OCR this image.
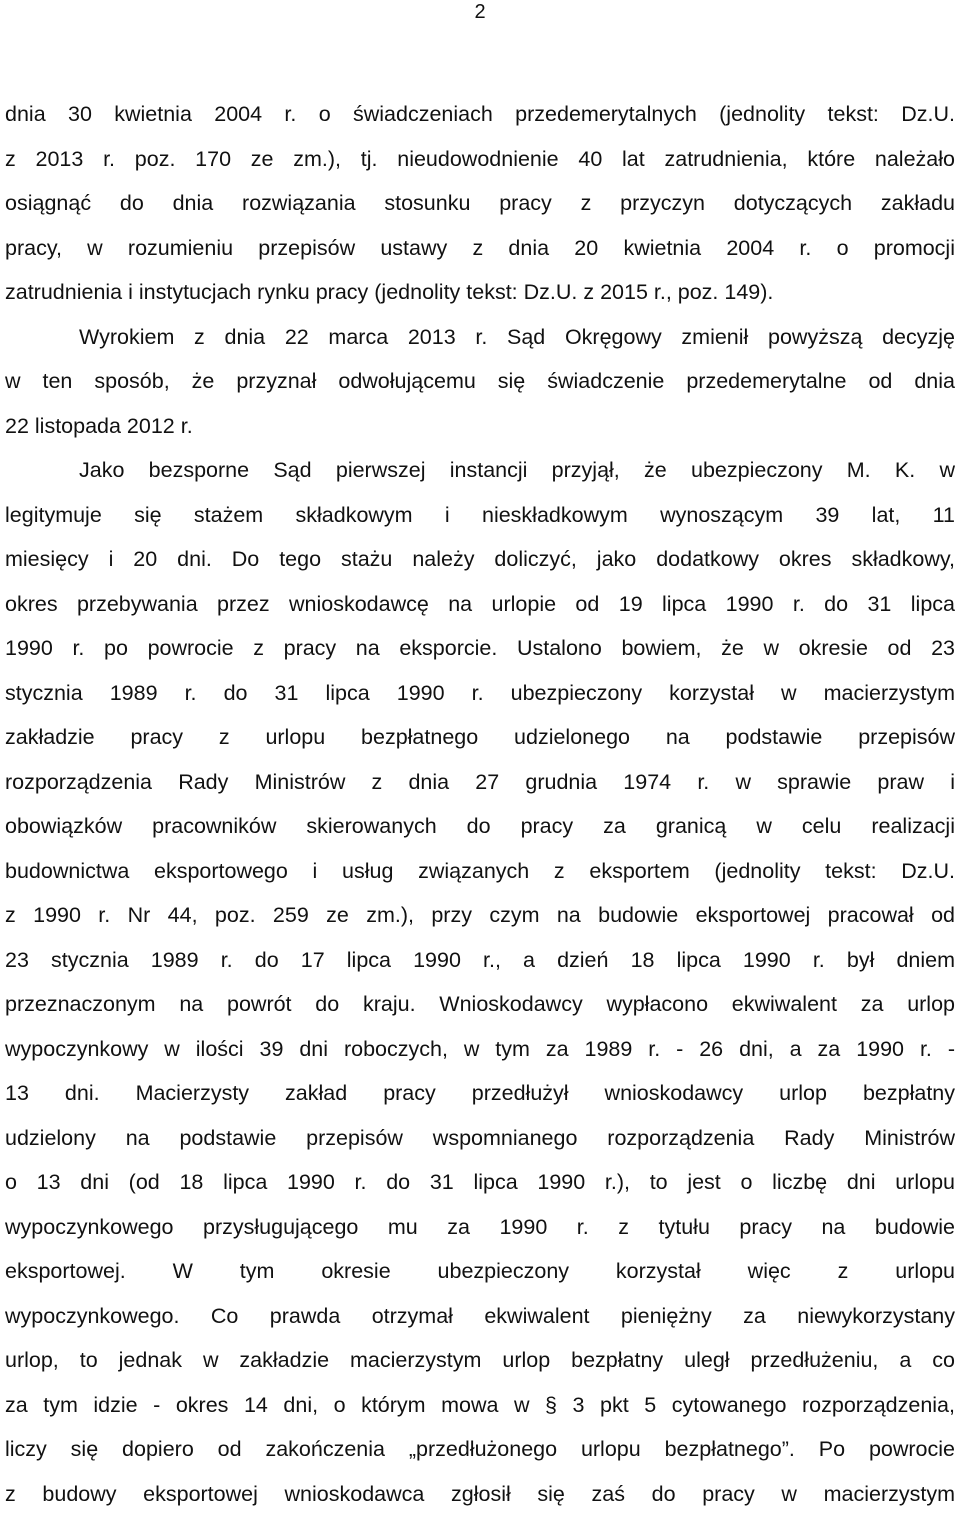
2
dnia 30 kwietnia 2004 r. o świadczeniach przedemerytalnych (jednolity tekst: Dz.U.
z 2013 r. poz. 170 ze zm.), tj. nieudowodnienie 40 lat zatrudnienia, które należało
osiągnąć do dnia rozwiązania stosunku pracy z przyczyn dotyczących zakładu
pracy, w rozumieniu przepisów ustawy z dnia 20 kwietnia 2004 r. o promocji
zatrudnienia i instytucjach rynku pracy (jednolity tekst: Dz.U. z 2015 r., poz. 149).
Wyrokiem z dnia 22 marca 2013 r. Sąd Okręgowy zmienił powyższą decyzję
w ten sposób, że przyznał odwołującemu się świadczenie przedemerytalne od dnia
22 listopada 2012 r.
Jako bezsporne Sąd pierwszej instancji przyjął, że ubezpieczony M. K. w
legitymuje się stażem składkowym i nieskładkowym wynoszącym 39 lat, 11
miesięcy i 20 dni. Do tego stażu należy doliczyć, jako dodatkowy okres składkowy,
okres przebywania przez wnioskodawcę na urlopie od 19 lipca 1990 r. do 31 lipca
1990 r. po powrocie z pracy na eksporcie. Ustalono bowiem, że w okresie od 23
stycznia 1989 r. do 31 lipca 1990 r. ubezpieczony korzystał w macierzystym
zakładzie pracy z urlopu bezpłatnego udzielonego na podstawie przepisów
rozporządzenia Rady Ministrów z dnia 27 grudnia 1974 r. w sprawie praw i
obowiązków pracowników skierowanych do pracy za granicą w celu realizacji
budownictwa eksportowego i usług związanych z eksportem (jednolity tekst: Dz.U.
z 1990 r. Nr 44, poz. 259 ze zm.), przy czym na budowie eksportowej pracował od
23 stycznia 1989 r. do 17 lipca 1990 r., a dzień 18 lipca 1990 r. był dniem
przeznaczonym na powrót do kraju. Wnioskodawcy wypłacono ekwiwalent za urlop
wypoczynkowy w ilości 39 dni roboczych, w tym za 1989 r. - 26 dni, a za 1990 r. -
13 dni. Macierzysty zakład pracy przedłużył wnioskodawcy urlop bezpłatny
udzielony na podstawie przepisów wspomnianego rozporządzenia Rady Ministrów
o 13 dni (od 18 lipca 1990 r. do 31 lipca 1990 r.), to jest o liczbę dni urlopu
wypoczynkowego przysługującego mu za 1990 r. z tytułu pracy na budowie
eksportowej. W tym okresie ubezpieczony korzystał więc z urlopu
wypoczynkowego. Co prawda otrzymał ekwiwalent pieniężny za niewykorzystany
urlop, to jednak w zakładzie macierzystym urlop bezpłatny uległ przedłużeniu, a co
za tym idzie - okres 14 dni, o którym mowa w § 3 pkt 5 cytowanego rozporządzenia,
liczy się dopiero od zakończenia „przedłużonego urlopu bezpłatnego”. Po powrocie
z budowy eksportowej wnioskodawca zgłosił się zaś do pracy w macierzystym
